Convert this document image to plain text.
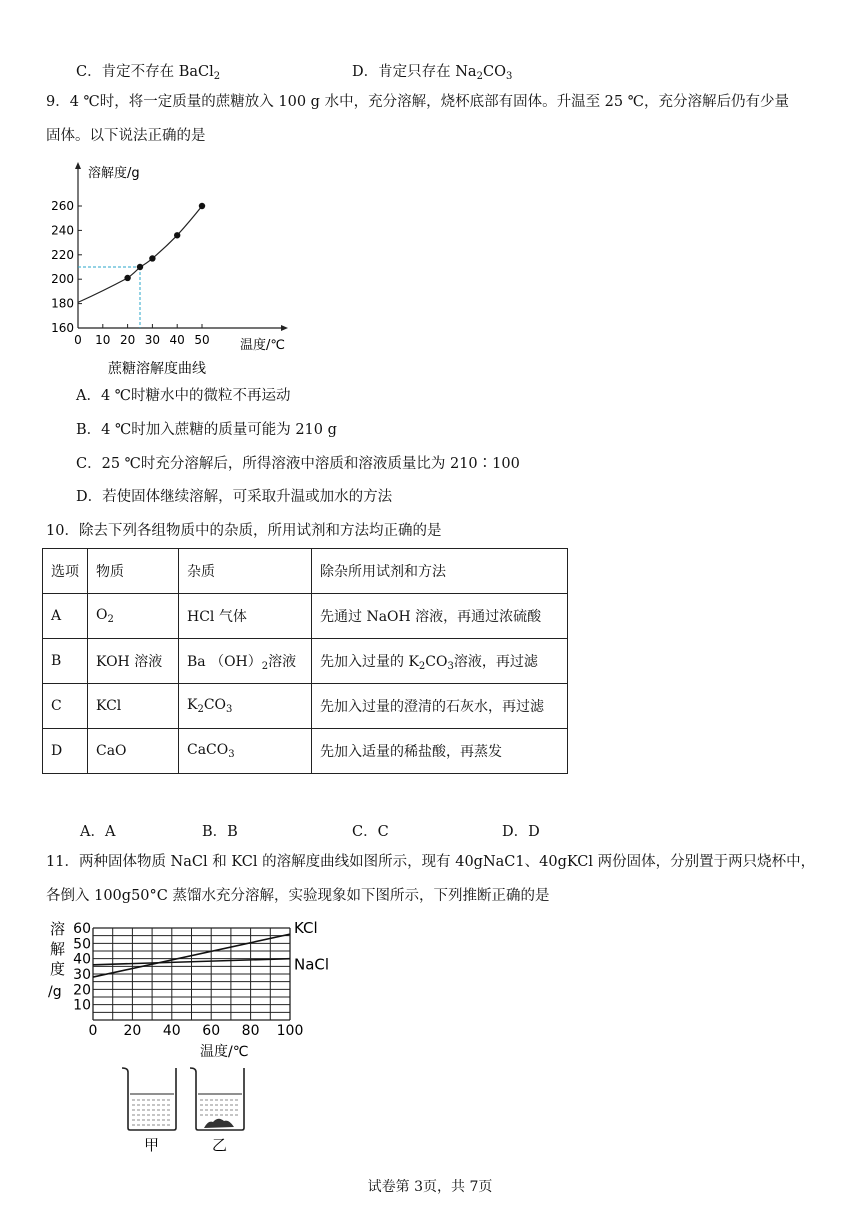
C．肯定不存在 BaCl$_2$	D．肯定只存在 $Na_2CO_3$
9．4 ℃时，将一定质量的蔗糖放入 100 g 水中，充分溶解，烧杯底部有固体。升温至 25 ℃，充分溶解后仍有少量
固体。以下说法正确的是
0 10 20 30 40 50
160
180
200
220
240
260
溶解度/g
温度/℃
蔗糖溶解度曲线
A．4 ℃时糖水中的微粒不再运动
B．4 ℃时加入蔗糖的质量可能为 210 g
C．25 ℃时充分溶解后，所得溶液中溶质和溶液质量比为 210∶100
D．若使固体继续溶解，可采取升温或加水的方法
10．除去下列各组物质中的杂质，所用试剂和方法均正确的是
选项	物质	杂质	除杂所用试剂和方法
A	$O_2$	HCl 气体	先通过 NaOH 溶液，再通过浓硫酸
B	KOH 溶液	Ba $(OH)_2$溶液	先加入过量的 $K_2CO_3$溶液，再过滤
C	KCl	$K_2CO_3$	先加入过量的澄清的石灰水，再过滤
D	CaO	CaCO$_3$	先加入适量的稀盐酸，再蒸发
A．A	B．B	C．C	D．D
11．两种固体物质 NaCl 和 KCl 的溶解度曲线如图所示，现有 40gNaC1、40gKCl 两份固体，分别置于两只烧杯中，
各倒入 100g50°C 蒸馏水充分溶解，实验现象如下图所示，下列推断正确的是
0 20 40 60 80 100
10
20
30
40
50
60	KCl
NaCl
溶
解
度
/g
温度/℃
甲	乙
试卷第 3页，共 7页
